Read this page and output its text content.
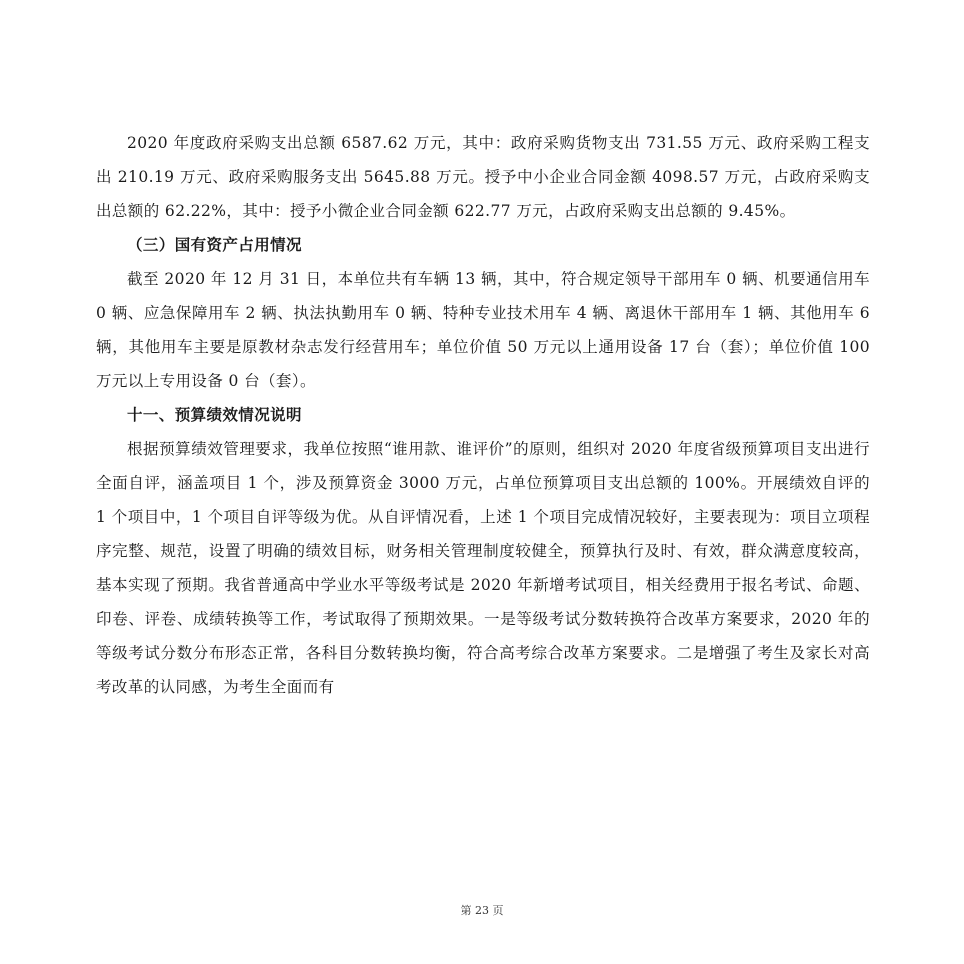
2020 年度政府采购支出总额 6587.62 万元，其中：政府采购货物支出 731.55 万元、政府采购工程支出 210.19 万元、政府采购服务支出 5645.88 万元。授予中小企业合同金额 4098.57 万元，占政府采购支出总额的 62.22%，其中：授予小微企业合同金额 622.77 万元，占政府采购支出总额的 9.45%。

（三）国有资产占用情况

截至 2020 年 12 月 31 日，本单位共有车辆 13 辆，其中，符合规定领导干部用车 0 辆、机要通信用车 0 辆、应急保障用车 2 辆、执法执勤用车 0 辆、特种专业技术用车 4 辆、离退休干部用车 1 辆、其他用车 6 辆，其他用车主要是原教材杂志发行经营用车；单位价值 50 万元以上通用设备 17 台（套）；单位价值 100 万元以上专用设备 0 台（套）。

十一、预算绩效情况说明

根据预算绩效管理要求，我单位按照“谁用款、谁评价”的原则，组织对 2020 年度省级预算项目支出进行全面自评，涵盖项目 1 个，涉及预算资金 3000 万元，占单位预算项目支出总额的 100%。开展绩效自评的 1 个项目中，1 个项目自评等级为优。从自评情况看，上述 1 个项目完成情况较好，主要表现为：项目立项程序完整、规范，设置了明确的绩效目标，财务相关管理制度较健全，预算执行及时、有效，群众满意度较高，基本实现了预期。我省普通高中学业水平等级考试是 2020 年新增考试项目，相关经费用于报名考试、命题、印卷、评卷、成绩转换等工作，考试取得了预期效果。一是等级考试分数转换符合改革方案要求，2020 年的等级考试分数分布形态正常，各科目分数转换均衡，符合高考综合改革方案要求。二是增强了考生及家长对高考改革的认同感，为考生全面而有

第 23 页
